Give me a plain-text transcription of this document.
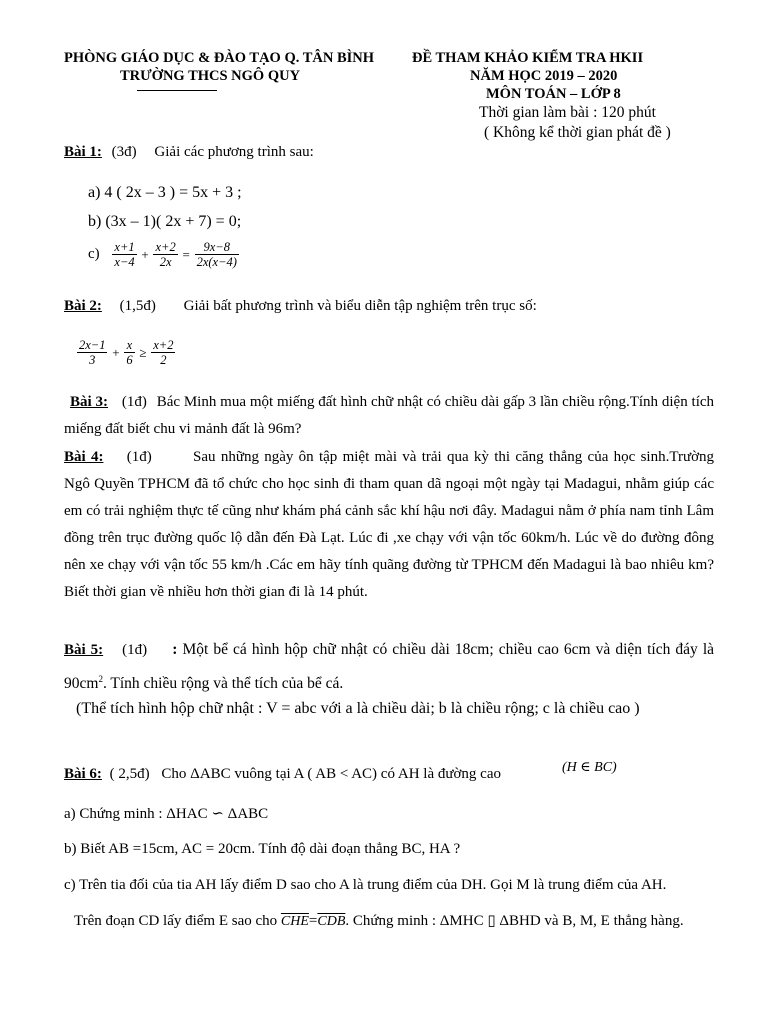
PHÒNG GIÁO DỤC & ĐÀO TẠO Q. TÂN BÌNH
TRƯỜNG THCS NGÔ QUY
ĐỀ THAM KHẢO KIỂM TRA HKII
NĂM HỌC 2019 – 2020
MÔN TOÁN – LỚP 8
Thời gian làm bài : 120 phút
( Không kể thời gian phát đề )
Bài 1: (3đ) Giải các phương trình sau:
a) 4 ( 2x – 3 ) = 5x + 3 ;
b) (3x – 1)( 2x + 7) = 0;
$c) \frac{x+1}{x-4} + \frac{x+2}{2x} = \frac{9x-8}{2x(x-4)}$
Bài 2: (1,5đ) Giải bất phương trình và biểu diễn tập nghiệm trên trục số:
$\frac{2x-1}{3} + \frac{x}{6} \ge \frac{x+2}{2}$
Bài 3: (1đ) Bác Minh mua một miếng đất hình chữ nhật có chiều dài gấp 3 lần chiều rộng.Tính diện tích miếng đất biết chu vi mảnh đất là 96m?
Bài 4: (1đ)	Sau những ngày ôn tập miệt mài và trải qua kỳ thi căng thẳng của học sinh.Trường Ngô Quyền TPHCM đã tổ chức cho học sinh đi tham quan dã ngoại một ngày tại Madagui, nhằm giúp các em có trải nghiệm thực tế cũng như khám phá cảnh sắc khí hậu nơi đây. Madagui nằm ở phía nam tỉnh Lâm đồng trên trục đường quốc lộ dẫn đến Đà Lạt. Lúc đi ,xe chạy với vận tốc 60km/h. Lúc về do đường đông nên xe chạy với vận tốc 55 km/h .Các em hãy tính quãng đường từ TPHCM đến Madagui là bao nhiêu km? Biết thời gian về nhiều hơn thời gian đi là 14 phút.
Bài 5: (1đ) : Một bể cá hình hộp chữ nhật có chiều dài 18cm; chiều cao 6cm và diện tích đáy là $90cm^2$. Tính chiều rộng và thể tích của bể cá.
(Thể tích hình hộp chữ nhật : V = abc với a là chiều dài; b là chiều rộng; c là chiều cao )
Bài 6: ( 2,5đ) Cho ΔABC vuông tại A ( AB < AC) có AH là đường cao	(H ∈ BC)
a) Chứng minh : ΔHAC ∽ ΔABC
b) Biết AB =15cm, AC = 20cm. Tính độ dài đoạn thẳng BC, HA ?
c) Trên tia đối của tia AH lấy điểm D sao cho A là trung điểm của DH. Gọi M là trung điểm của AH.
Trên đoạn CD lấy điểm E sao cho $\overline{CHE}=\overline{CDB}$. Chứng minh : ΔMHC ▯ ΔBHD và B, M, E thẳng hàng.
